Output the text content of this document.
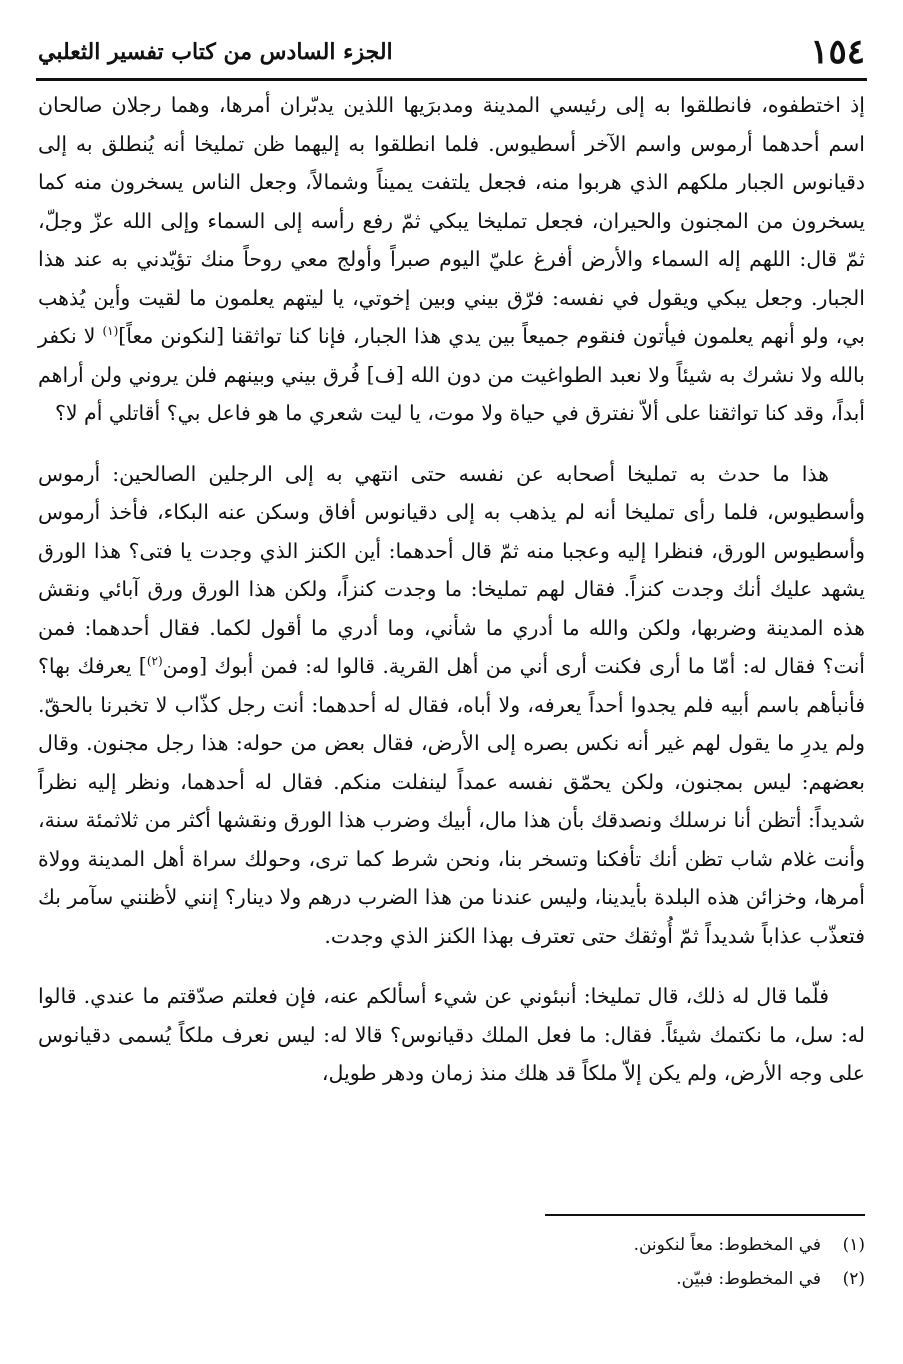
١٥٤
الجزء السادس من كتاب تفسير الثعلبي

إذ اختطفوه، فانطلقوا به إلى رئيسي المدينة ومدبرَيها اللذين يدبّران أمرها، وهما رجلان صالحان اسم أحدهما أرموس واسم الآخر أسطيوس. فلما انطلقوا به إليهما ظن تمليخا أنه يُنطلق به إلى دقيانوس الجبار ملكهم الذي هربوا منه، فجعل يلتفت يميناً وشمالاً، وجعل الناس يسخرون منه كما يسخرون من المجنون والحيران، فجعل تمليخا يبكي ثمّ رفع رأسه إلى السماء وإلى الله عزّ وجلّ، ثمّ قال: اللهم إله السماء والأرض أفرغ عليّ اليوم صبراً وأولج معي روحاً منك تؤيّدني به عند هذا الجبار. وجعل يبكي ويقول في نفسه: فرّق بيني وبين إخوتي، يا ليتهم يعلمون ما لقيت وأين يُذهب بي، ولو أنهم يعلمون فيأتون فنقوم جميعاً بين يدي هذا الجبار، فإنا كنا تواثقنا [لنكونن معاً]$^{(١)}$ لا نكفر بالله ولا نشرك به شيئاً ولا نعبد الطواغيت من دون الله [ف] فُرق بيني وبينهم فلن يروني ولن أراهم أبداً، وقد كنا تواثقنا على ألاّ نفترق في حياة ولا موت، يا ليت شعري ما هو فاعل بي؟ أقاتلي أم لا؟

هذا ما حدث به تمليخا أصحابه عن نفسه حتى انتهي به إلى الرجلين الصالحين: أرموس وأسطيوس، فلما رأى تمليخا أنه لم يذهب به إلى دقيانوس أفاق وسكن عنه البكاء، فأخذ أرموس وأسطيوس الورق، فنظرا إليه وعجبا منه ثمّ قال أحدهما: أين الكنز الذي وجدت يا فتى؟ هذا الورق يشهد عليك أنك وجدت كنزاً. فقال لهم تمليخا: ما وجدت كنزاً، ولكن هذا الورق ورق آبائي ونقش هذه المدينة وضربها، ولكن والله ما أدري ما شأني، وما أدري ما أقول لكما. فقال أحدهما: فمن أنت؟ فقال له: أمّا ما أرى فكنت أرى أني من أهل القرية. قالوا له: فمن أبوك [ومن$^{(٢)}$] يعرفك بها؟ فأنبأهم باسم أبيه فلم يجدوا أحداً يعرفه، ولا أباه، فقال له أحدهما: أنت رجل كذّاب لا تخبرنا بالحقّ. ولم يدرِ ما يقول لهم غير أنه نكس بصره إلى الأرض، فقال بعض من حوله: هذا رجل مجنون. وقال بعضهم: ليس بمجنون، ولكن يحمّق نفسه عمداً لينفلت منكم. فقال له أحدهما، ونظر إليه نظراً شديداً: أتظن أنا نرسلك ونصدقك بأن هذا مال، أبيك وضرب هذا الورق ونقشها أكثر من ثلاثمئة سنة، وأنت غلام شاب تظن أنك تأفكنا وتسخر بنا، ونحن شرط كما ترى، وحولك سراة أهل المدينة وولاة أمرها، وخزائن هذه البلدة بأيدينا، وليس عندنا من هذا الضرب درهم ولا دينار؟ إنني لأظنني سآمر بك فتعذّب عذاباً شديداً ثمّ أُوثقك حتى تعترف بهذا الكنز الذي وجدت.

فلّما قال له ذلك، قال تمليخا: أنبئوني عن شيء أسألكم عنه، فإن فعلتم صدّقتم ما عندي. قالوا له: سل، ما نكتمك شيئاً. فقال: ما فعل الملك دقيانوس؟ قالا له: ليس نعرف ملكاً يُسمى دقيانوس على وجه الأرض، ولم يكن إلاّ ملكاً قد هلك منذ زمان ودهر طويل،

(١)
في المخطوط: معاً لنكونن.
(٢)
في المخطوط: فبيّن.
